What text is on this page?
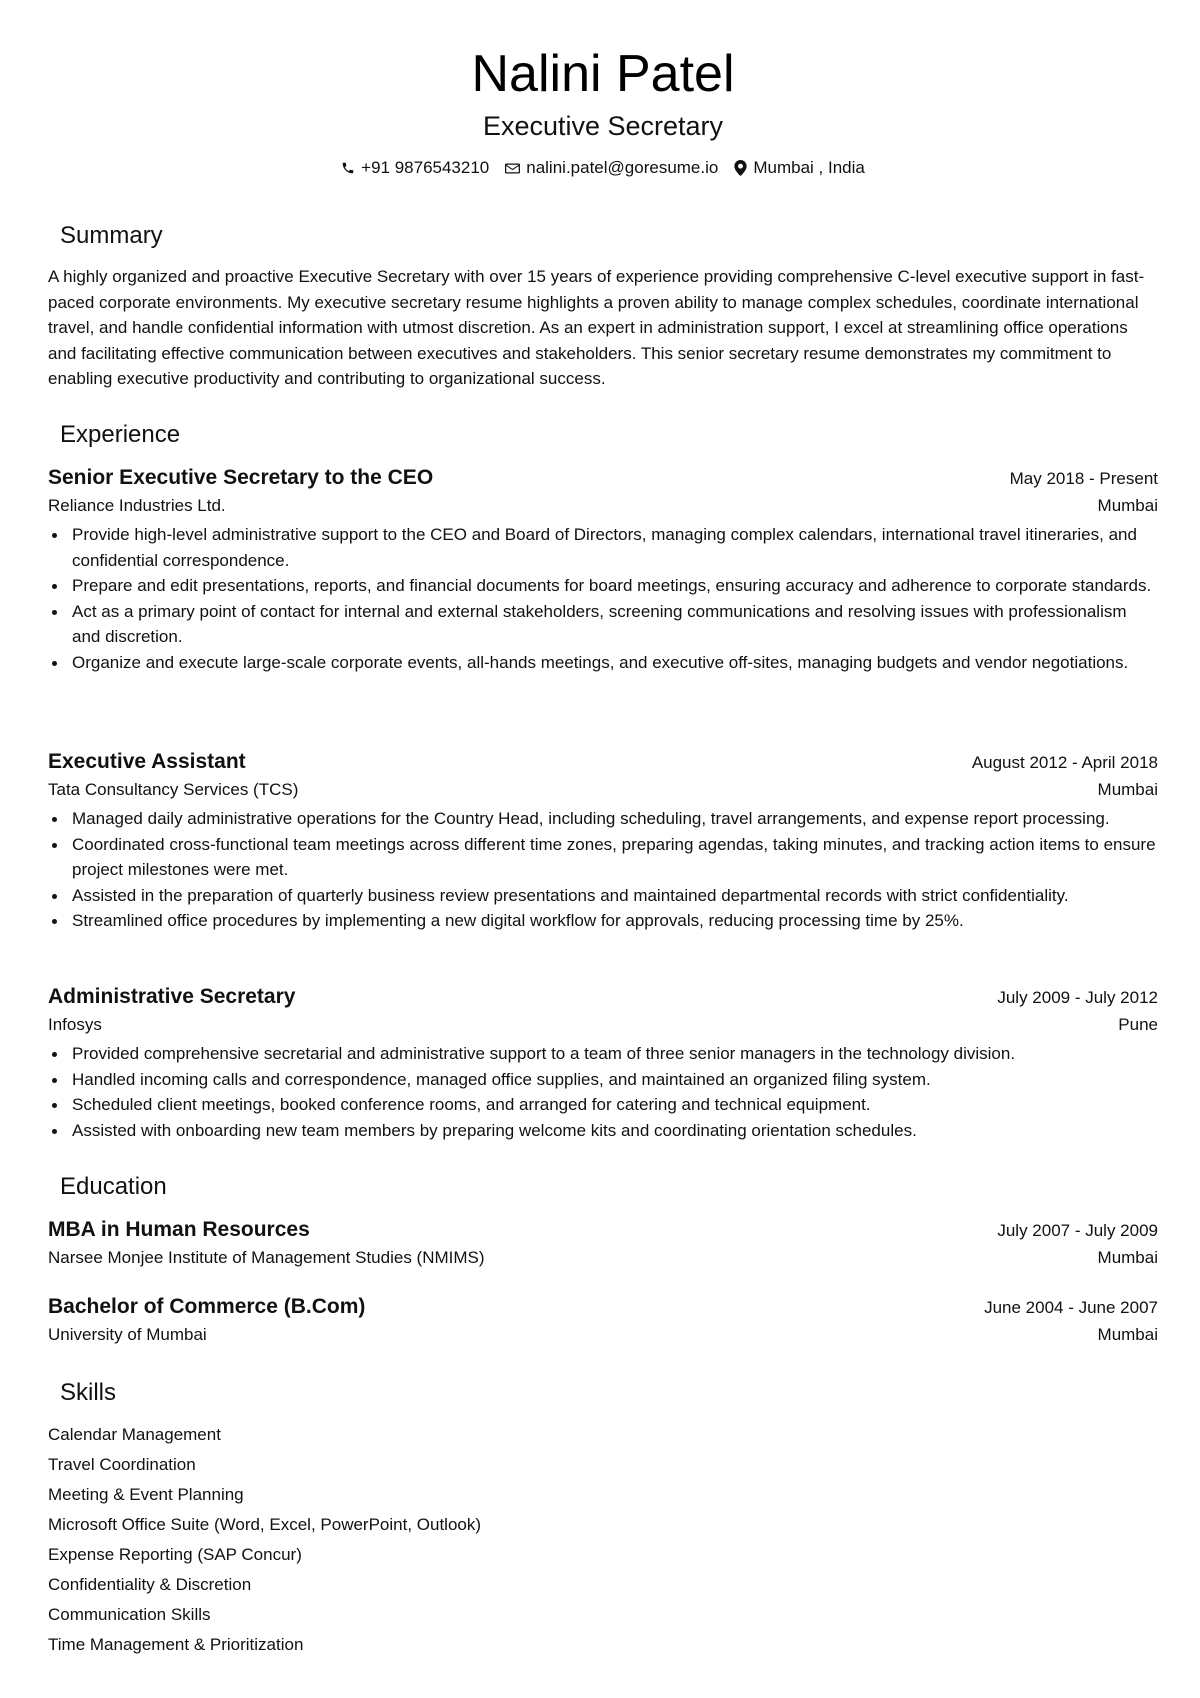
Nalini Patel
Executive Secretary
+91 9876543210 nalini.patel@goresume.io Mumbai , India
Summary

A highly organized and proactive Executive Secretary with over 15 years of experience providing comprehensive C-level executive support in fast-paced corporate environments. My executive secretary resume highlights a proven ability to manage complex schedules, coordinate international travel, and handle confidential information with utmost discretion. As an expert in administration support, I excel at streamlining office operations and facilitating effective communication between executives and stakeholders. This senior secretary resume demonstrates my commitment to enabling executive productivity and contributing to organizational success.

Experience
Senior Executive Secretary to the CEO	May 2018 - Present
Reliance Industries Ltd.	Mumbai
Provide high-level administrative support to the CEO and Board of Directors, managing complex calendars, international travel itineraries, and confidential correspondence.
Prepare and edit presentations, reports, and financial documents for board meetings, ensuring accuracy and adherence to corporate standards.
Act as a primary point of contact for internal and external stakeholders, screening communications and resolving issues with professionalism and discretion.
Organize and execute large-scale corporate events, all-hands meetings, and executive off-sites, managing budgets and vendor negotiations.
Executive Assistant	August 2012 - April 2018
Tata Consultancy Services (TCS)	Mumbai
Managed daily administrative operations for the Country Head, including scheduling, travel arrangements, and expense report processing.
Coordinated cross-functional team meetings across different time zones, preparing agendas, taking minutes, and tracking action items to ensure project milestones were met.
Assisted in the preparation of quarterly business review presentations and maintained departmental records with strict confidentiality.
Streamlined office procedures by implementing a new digital workflow for approvals, reducing processing time by 25%.
Administrative Secretary	July 2009 - July 2012
Infosys	Pune
Provided comprehensive secretarial and administrative support to a team of three senior managers in the technology division.
Handled incoming calls and correspondence, managed office supplies, and maintained an organized filing system.
Scheduled client meetings, booked conference rooms, and arranged for catering and technical equipment.
Assisted with onboarding new team members by preparing welcome kits and coordinating orientation schedules.
Education
MBA in Human Resources	July 2007 - July 2009
Narsee Monjee Institute of Management Studies (NMIMS)	Mumbai
Bachelor of Commerce (B.Com)	June 2004 - June 2007
University of Mumbai	Mumbai
Skills
Calendar Management
Travel Coordination
Meeting & Event Planning
Microsoft Office Suite (Word, Excel, PowerPoint, Outlook)
Expense Reporting (SAP Concur)
Confidentiality & Discretion
Communication Skills
Time Management & Prioritization
